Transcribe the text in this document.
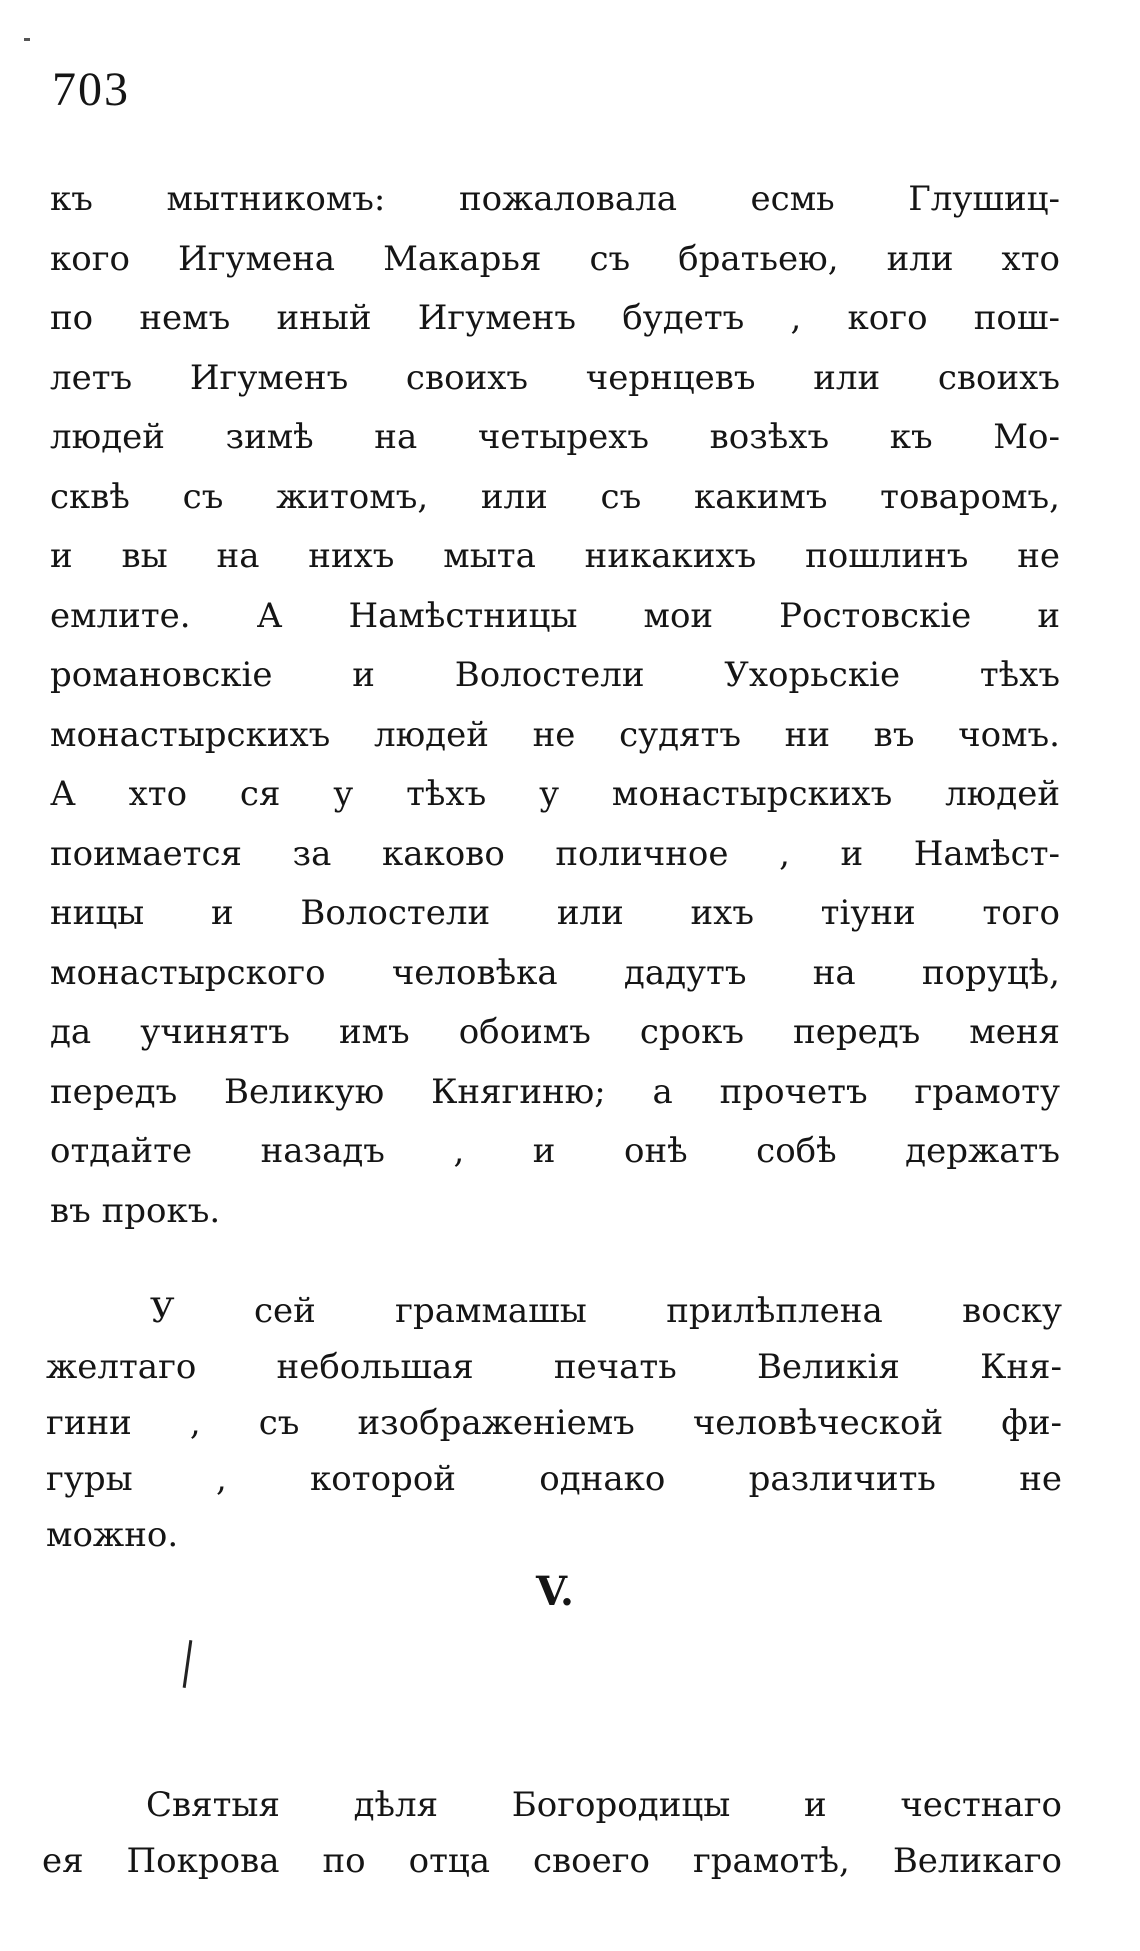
703
къ мытникомъ: пожаловала есмь Глушиц-
кого Игумена Макарья съ братьею, или хто
по немъ иный Игуменъ будетъ , кого пош-
летъ Игуменъ своихъ чернцевъ или своихъ
людей зимѣ на четырехъ возѣхъ къ Мо-
сквѣ съ житомъ, или съ какимъ товаромъ,
и вы на нихъ мыта никакихъ пошлинъ не
емлите. А Намѣстницы мои Ростовскіе и
романовскіе и Волостели Ухорьскіе тѣхъ
монастырскихъ людей не судятъ ни въ чомъ.
А хто ся у тѣхъ у монастырскихъ людей
поимается за каково поличное , и Намѣст-
ницы и Волостели или ихъ тіуни того
монастырского человѣка дадутъ на поруцѣ,
да учинятъ имъ обоимъ срокъ передъ меня
передъ Великую Княгиню; а прочетъ грамоту
отдайте назадъ , и онѣ собѣ держатъ
въ прокъ.
У сей граммашы прилѣплена воску
желтаго небольшая печать Великія Кня-
гини , съ изображеніемъ человѣческой фи-
гуры , которой однако различить не
можно.
V.
Святыя дѣля Богородицы и честнаго
ея Покрова по отца своего грамотѣ, Великаго
